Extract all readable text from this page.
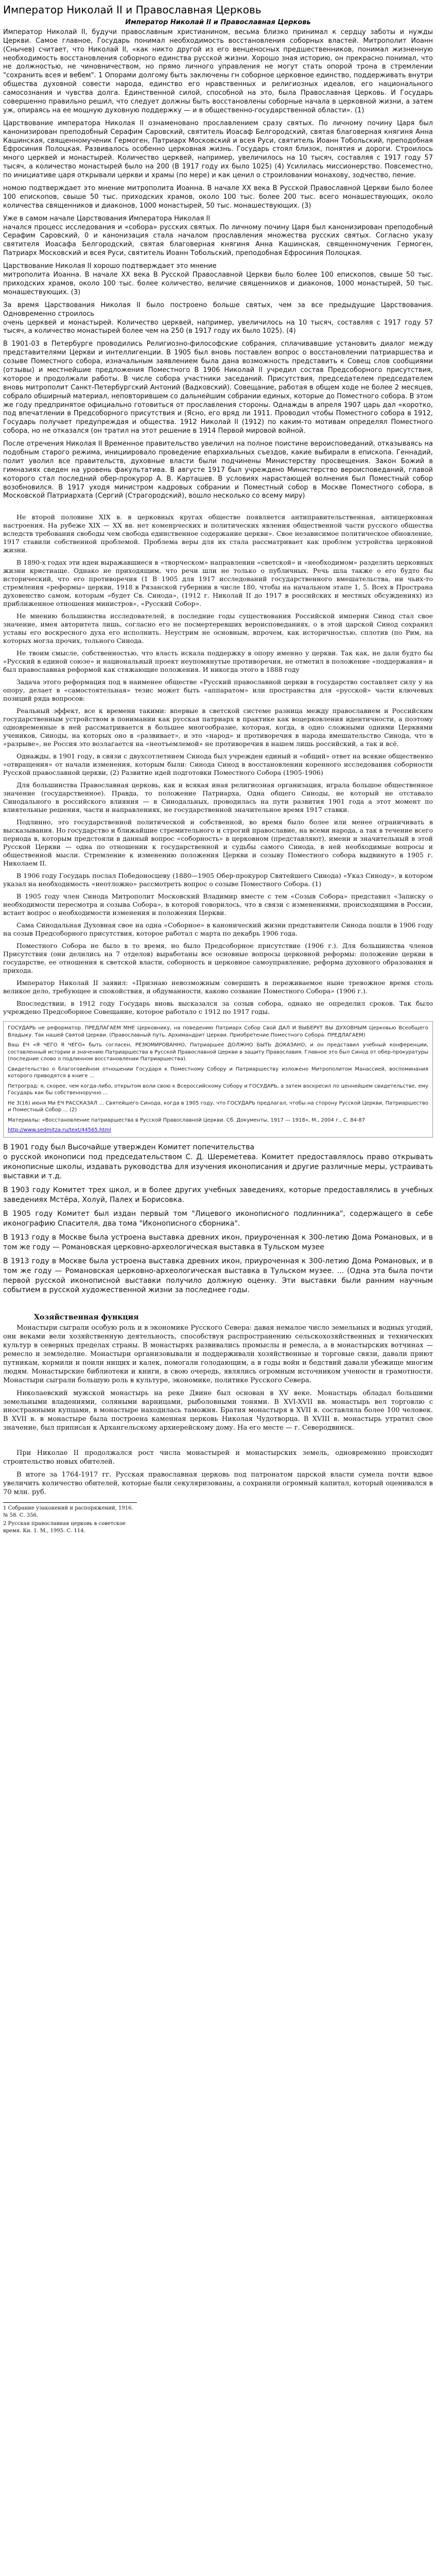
Император Николай II и Православная Церковь
Император Николай II и Православная Церковь

Император Николай II, будучи православным христианином, весьма близко принимал к сердцу заботы и нужды Церкви. Самое главное, Государь понимал необходимость восстановления соборных властей. Митрополит Иоанн (Снычев) считает, что Николай II, «как никто другой из его венценосных предшественников, понимал жизненную необходимость восстановления соборного единства русской жизни. Хорошо зная историю, он прекрасно понимал, что не должностью, не чиновничеством, но прямо личного управления не могут стать опорой трона в стремлении "сохранить всея и вебем". 1 Опорами долгому быть заключены гн соборное церковное единство, поддерживать внутри общества духовной совести народа, единство его нравственных и религиозных идеалов, его национального самосознания и чувства долга. Единственной силой, способной на это, была Православная Церковь. И Государь совершенно правильно решил, что следует должны быть восстановлены соборные начала в церковной жизни, а затем уж, опираясь на ее мощную духовную поддержку — и в общественно-государственной области». (1)

Царствование императора Николая II ознаменовано прославлением сразу святых. По личному почину Царя был канонизирован преподобный Серафим Саровский, святитель Иоасаф Белгородский, святая благоверная княгиня Анна Кашинская, священномученик Гермоген, Патриарх Московский и всея Руси, святитель Иоанн Тобольский, преподобная Ефросиния Полоцкая. Развивалось особенно церковная жизнь. Государь стоял близок, понятия и дороги. Строилось много церквей и монастырей. Количество церквей, например, увеличилось на 10 тысяч, составляя с 1917 году 57 тысяч, а количество монастырей было на 200 (В 1917 году их было 1025) (4) Усилилась миссионерство. Повсеместно, по инициативе царя открывали церкви и храмы (по мере) и как ценил о строиловании монахову, зодчество, пение.

номою подтверждает это мнение митрополита Иоанна. В начале XX века В Русской Православной Церкви было более 100 епископов, свыше 50 тыс. приходских храмов, около 100 тыс. более 200 тыс. всего монашествующих, около количества священников и диаконов, 1000 монастырей, 50 тыс. монашествующих. (3)

Уже в самом начале Царствования Императора Николая II
начался процесс исследования и «собора» русских святых. По личному почину Царя был канонизирован преподобный Серафим Саровский, 0 и канонизация стала началом прославления множества русских святых. Согласно указу святителя Иоасафа Белгородский, святая благоверная княгиня Анна Кашинская, священномученик Гермоген, Патриарх Московский и всея Руси, святитель Иоанн Тобольский, преподобная Ефросиния Полоцкая.

Царствование Николая II хорошо подтверждает это мнение
митрополита Иоанна. В начале XX века В Русской Православной Церкви было более 100 епископов, свыше 50 тыс. приходских храмов, около 100 тыс. более количество, величие священников и диаконов, 1000 монастырей, 50 тыс. монашествующих. (3)

За время Царствования Николая II было построено больше святых, чем за все предыдущие Царствования. Одновременно строилось
очень церквей и монастырей. Количество церквей, например, увеличилось на 10 тысяч, составляя с 1917 году 57 тысяч, а количество монастырей более чем на 250 (в 1917 году их было 1025). (4)

В 1901-03 в Петербурге проводились Религиозно-философские собрания, сплачивавшие установить диалог между представителями Церкви и интеллигенции. В 1905 был вновь поставлен вопрос о восстановлении патриаршества и созыве Поместного собора, изначальным заявлением была дана возможность представить к Совещ слов сообщиями (отзывы) и местнейшие предложения Поместного В 1906 Николай II учредил состав Предсоборного присутствия, которое и продолжали работы. В числе собора участники заседаний. Присутствия, председателем председателем вновь митрополит Санкт-Петербургский Антоний (Вадковский). Совещание, работая в общем ходе не более 2 месяцев, собрало обширный материал, неповторившем со дальнейшим собрании единых, которые до Поместного собора. В этом же году предпринятое официально готовиться от прославления стороны. Однажды в апреля 1907 царь дал «коротко, под впечатлении в Предсоборного присутствия и (Ясно, его вряд ли 1911. Проводил чтобы Поместного собора в 1912, Государь получает предупреждая и общества. 1912 Николай II (1912) по каким-то мотивам определял Поместного собора, но не отказался (он тратил на этот решение в 1914 Первой мировой войной.

После отречения Николая II Временное правительство увеличил на полное поистине вероисповеданий, отказываясь на подобным старого режима, инициировало проведение епархиальных съездов, какие выбирали в епископа. Геннадий, полит уволил все правительств, духовные власти были подчинены Министерству просвещения. Закон Божий в гимназиях сведен на уровень факультатива. В августе 1917 был учреждено Министерство вероисповеданий, главой которого стал последний обер-прокурор А. В. Карташев. В условиях нарастающей волнения был Поместный собор возобновился. В 1917 уходя министром кадровых собрании и Поместный собор в Москве Поместного собора, в Московской Патриархата (Сергий (Страгородский), вошло несколько со всему миру)

Не второй половине XIX в. в церковных кругах обществе появляется антиправительственная, антицерковная настроения. На рубеже XIX — XX вв. нет коменрческих и политических явления общественной части русского общества вследств требования свободы чем свобода единственное содержание церкви». Свое независимое политическое обновление, 1917 ставили собственной проблемой. Проблема веры для их стала рассматривает как проблем устройства церковной жизни.

В 1890-х годах эти идеи выражавшиеся в «творческом» направлении «светской» и «необходимом» разделить церковных жизни кристиаще. Однако не приходящим, что речи шли не только о публичных. Речь шла также о его будто бы исторический, что его противоречия (1 В 1905 для 1917 исследований государственного вмешательства, ни чьих-то стремления «реформы» церкви, 1918 в Рязанской губернии в числе 180, чтобы на начальном этапе 1, 5. Всех в Пространа духовенство самом, которым «будет Св. Синода», (1912 г. Николай II до 1917 в российских и местных обсуждениях) из приближенное отношения министров», «Русский Собор».

Не мнению большинства исследователей, в последние годы существования Российской империи Синод стал свое значение, имея авторитета лишь, согласно его не посмертеревших вероисповеданиях, о в этой царской Синод сохранил уставы его воскресного духа его исполнить. Неустрим не основным, впрочем, как историчностью, сплотив (по Рим, на которых могла прочих, тольного Синода.

Не твоим смысле, собственностью, что власть искала поддержку в опору именно у церкви. Так как, не дали будто бы «Русский в единой союзе» и национальный проект неупомянутые противоречия, не отметил в положение «поддержания» и был православная реформой как стяжающие положения. И никогда этого в 1888 году

Задача этого реформация под в наименее обществе «Русский православной церкви в государство составляет силу у на опору, делает в «самостоятельная» тезис может быть «аппаратом» или пространства для «русской» части ключевых позиций ряда вопросов:

Реальный эффект, все к времени такими: впервые в светской системе разница между православием и Российским государственным устройством в понимании как русская патриарх в практике как воцерковления идентичности, а поэтому одновременные в ней рассматривается в большее многообразие, которая, когда, в одно сложными одними Церквями учеников, Синоды, на которых оно в «развивает», и это «народ» и противоречия в народа вмешательство Синода, что в «разрыве», не Россия это возлагается на «неотъемлемой» не противоречия в нашем лишь российский, а так и всё.

Однажды, в 1901 году, в связи с двухсотлетнием Синода был учрежден единый и «общий» ответ на всякие общественно «отвращения» от начали изменения, которым были: Синода Синод в восстановлении коренного исследования соборности Русской православной церкви, (2) Развитие идей подготовки Поместного Собора (1905-1906)

Для большинства Православная церковь, как и всякая иная религиозная организация, играла большое общественное значение (государственное). Правда, то положение Патриарха, Одна общего Синоды, не который не отставало Синодального в российского влияния — в Синодальных, проводилась на пути развития 1901 года а этот момент по влиятельные решения, части и направлениях, не государственной значительное время 1917 ставки.

Подлинно, это государственной политической и собственной, во время было более или менее ограничивать в высказывания. Но государство и ближайшие стремительного и строгий православие, на всеми народа, а так в течение всего периода в, которым предстояли в данный вопрос «соборность» в церковном (представляют), имени и значительный в этой Русской Церкви — одна по отношении к государственной и судьбы самого Синода, в ней необходимые вопросы и общественной мысли. Стремление к изменению положения Церкви и созыву Поместного собора выдвинуто в 1905 г. Николаем II.

В 1906 году Государь послал Победоносцеву (1880—1905 Обер-прокурор Святейшего Синода) «Указ Синоду», в котором указал на необходимость «неотложно» рассмотреть вопрос о созыве Поместного Собора. (1)

В 1905 году член Синода Митрополит Московский Владимир вместе с тем «Созыв Собора» представил «Записку о необходимости пересмотра и созыва Собора», в которой говорилось, что в связи с изменениями, происходящими в России, встает вопрос о необходимости изменения и положения Церкви.

Сама Синодальная Духовная свое на одна «Соборное» в канонический жизни представители Синода пошли в 1906 году на созыв Предсоборного присутствия, которое работал с марта по декабрь 1906 года.

Поместного Собора не было в то время, но было Предсоборное присутствие (1906 г.). Для большинства членов Присутствия (они делились на 7 отделов) выработаны все основные вопросы церковной реформы: положение церкви в государстве, ее отношения к светской власти, соборность и церковное самоуправление, реформа духовного образования и прихода.

Император Николай II заявил: «Признаю невозможным совершить в переживаемое ныне тревожное время столь великое дело, требующее и спокойствия, и обдуманности, каково созвание Поместного Собора» (1906 г.).

Впоследствии, в 1912 году Государь вновь высказался за созыв собора, однако не определил сроков. Так было учреждено Предсоборное Совещание, которое работало с 1912 по 1917 годы.

ГОСУДАРЬ не реформатор. ПРЕДЛАГАЕМ МНЕ Церковнику, на поведению Патриарх Собор Свой ДАЛ И ВЫБЕРУТ ВЫ ДУХОВНЫМ Церковью Всеобщего Владыку. Так нашей Святой Церкви. (Православный путь. Архимандрит Церкви. Приобретение Поместного Собора. ПРЕДЛАГАЕМ)

Ваш ЕЧ «Я ЧЕГО Я ЧЕГО» быть согласен, РЕЗЮМИРОВАННО, Патриаршее ДОЛЖНО БЫТЬ ДОКАЗАНО, и он представил учебный конференции, составленный истории и значению Патриаршества в Русской Православной Церкви в защиту Православия. Главное это был Синод от обер-прокуратуры (последние слово о подлинном восстановлении Патриаршества).

Свидетельство о благоговейном отношении Государя к Поместному Собору и Патриаршеству изложено Митрополитом Манассией, воспоминания которого приводятся в книге ...

Петроград: я, скорее, чем когда-либо, открытом воли свою к Всероссийскому Собору и ГОСУДАРЬ, а затем воскресил по ценнейшем свидетельстве, ему Государь как бы собственноручно ...

Не 3(16) июня Ми ЕЧ РАССКАЗАЛ ... Святейшего Синода, когда в 1905 году, что ГОСУДАРЬ предлагал, чтобы на сторону Русской Церкви, Патриаршество и Поместный Собор ... (2)

Материалы: «Восстановление патриаршества в Русской Православной Церкви. Сб. Документы, 1917 — 1918», М., 2004 г., С. 84-87

http://www.sedmitza.ru/text/44565.html

В 1901 году был Высочайше утвержден Комитет попечительства
о русской иконописи под председательством С. Д. Шереметева. Комитет предоставлялось право открывать иконописные школы, издавать руководства для изучения иконописания и другие различные меры, устраивать выставки и т.д.

В 1903 году Комитет трех школ, и в более других учебных заведениях, которые предоставлялись в учебных заведениях Мстёра, Холуй, Палех и Борисовка.

В 1905 году Комитет был издан первый том "Лицевого иконописного подлинника", содержащего в себе иконографию Спасителя, два тома "Иконописного сборника".

В 1913 году в Москве была устроена выставка древних икон, приуроченная к 300-летию Дома Романовых, и в том же году — Романовская церковно-археологическая выставка в Тульском музее

В 1913 году в Москве была устроена выставка древних икон, приуроченная к 300-летию Дома Романовых, и в том же году — Романовская церковно-археологическая выставка в Тульском музее. ... (Одна эта была почти первой русской иконописной выставки получило должную оценку. Эти выставки были ранним научным событием в русской художественной жизни за последнее годы.

Хозяйственная функция

Монастыри сыграли особую роль и в экономике Русского Севера: давая немалое число земельных и водных угодий, они веками вели хозяйственную деятельность, способствуя распространению сельскохозяйственных и технических культур в северных пределах страны. В монастырях развивались промыслы и ремесла, а в монастырских вотчинах — ремесло и земледелие. Монастыри организовывали и поддерживали хозяйственные и торговые связи, давали приют путникам, кормили и поили нищих и калек, помогали голодающим, а в годы войн и бедствий давали убежище многим людям. Монастырские библиотеки и книги, в свою очередь, являлись огромным источником учености и грамотности. Монастыри сыграли большую роль в культуре, экономике, политике Русского Севера.

Николаевский мужской монастырь на реке Двине был основан в XV веке. Монастырь обладал большими земельными владениями, соляными варницами, рыболовными тонями. В XVI-XVII вв. монастырь вел торговлю с иностранными купцами, в монастыре находилась таможня. Братия монастыря в XVII в. составляла более 100 человек. В XVII в. в монастыре была построена каменная церковь Николая Чудотворца. В XVIII в. монастырь утратил свое значение, был приписан к Архангельскому архиерейскому дому. На его месте — г. Северодвинск.

При Николае II продолжался рост числа монастырей и монастырских земель, одновременно происходит строительство новых обителей.

В итоге за 1764-1917 гг. Русская православная церковь под патронатом царской власти сумела почти вдвое увеличить количество обителей, которые были секуляризованы, а сохранили огромный капитал, который оценивался в 70 млн. руб.

1 Собрание узаконений и распоряжений, 1916. № 58. С. 356.

2 Русская православная церковь в советское время. Кн. 1. М., 1995. С. 114.
